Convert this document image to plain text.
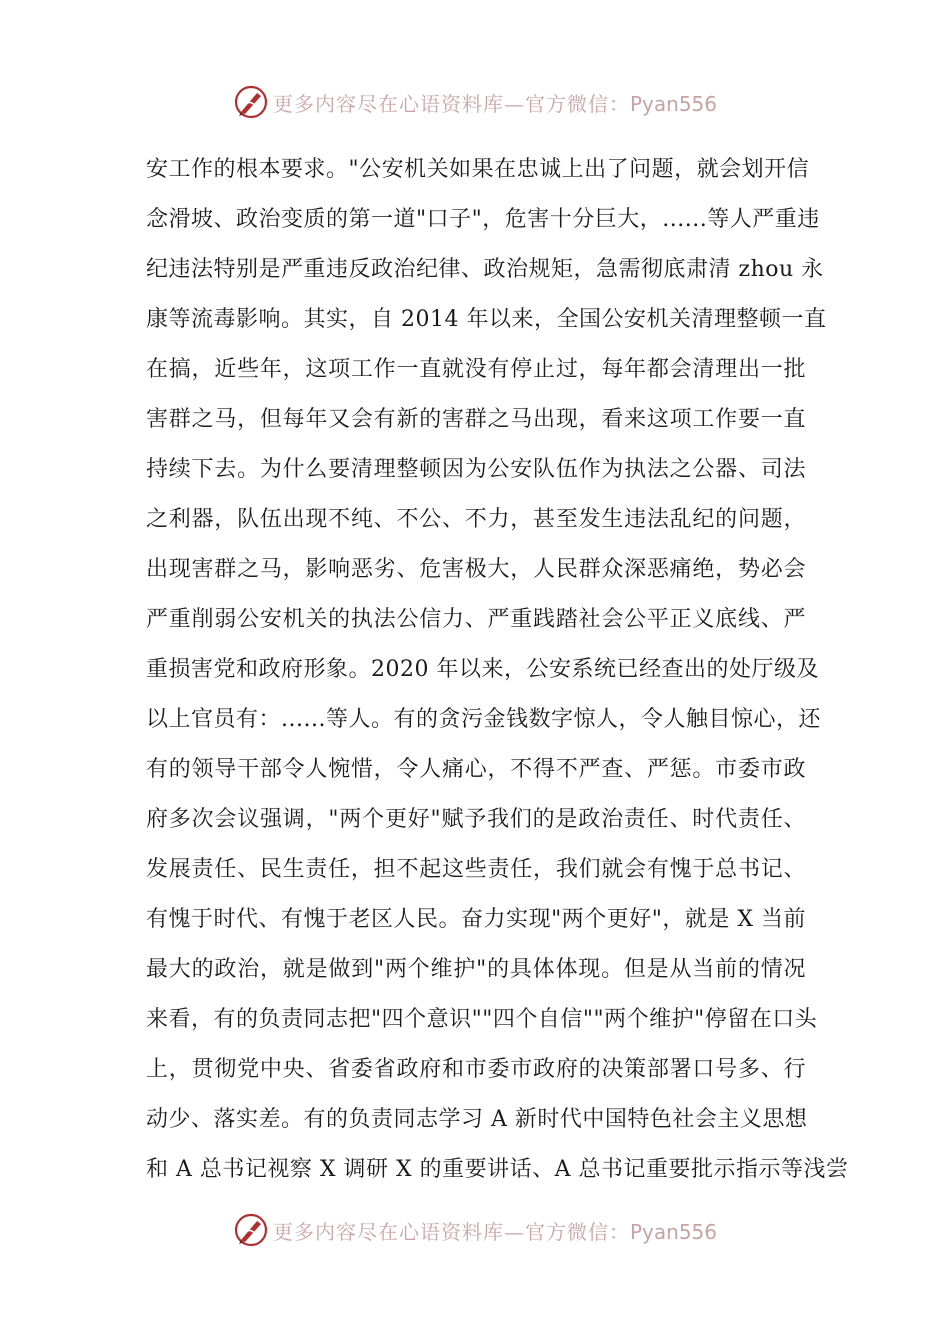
更多内容尽在心语资料库—官方微信：Pyan556
安工作的根本要求。"公安机关如果在忠诚上出了问题，就会划开信
念滑坡、政治变质的第一道"口子"，危害十分巨大，......等人严重违
纪违法特别是严重违反政治纪律、政治规矩，急需彻底肃清 zhou 永
康等流毒影响。其实，自 2014 年以来，全国公安机关清理整顿一直
在搞，近些年，这项工作一直就没有停止过，每年都会清理出一批
害群之马，但每年又会有新的害群之马出现，看来这项工作要一直
持续下去。为什么要清理整顿因为公安队伍作为执法之公器、司法
之利器，队伍出现不纯、不公、不力，甚至发生违法乱纪的问题，
出现害群之马，影响恶劣、危害极大，人民群众深恶痛绝，势必会
严重削弱公安机关的执法公信力、严重践踏社会公平正义底线、严
重损害党和政府形象。2020 年以来，公安系统已经查出的处厅级及
以上官员有：......等人。有的贪污金钱数字惊人，令人触目惊心，还
有的领导干部令人惋惜，令人痛心，不得不严查、严惩。市委市政
府多次会议强调，"两个更好"赋予我们的是政治责任、时代责任、
发展责任、民生责任，担不起这些责任，我们就会有愧于总书记、
有愧于时代、有愧于老区人民。奋力实现"两个更好"，就是 X 当前
最大的政治，就是做到"两个维护"的具体体现。但是从当前的情况
来看，有的负责同志把"四个意识""四个自信""两个维护"停留在口头
上，贯彻党中央、省委省政府和市委市政府的决策部署口号多、行
动少、落实差。有的负责同志学习 A 新时代中国特色社会主义思想
和 A 总书记视察 X 调研 X 的重要讲话、A 总书记重要批示指示等浅尝
更多内容尽在心语资料库—官方微信：Pyan556
